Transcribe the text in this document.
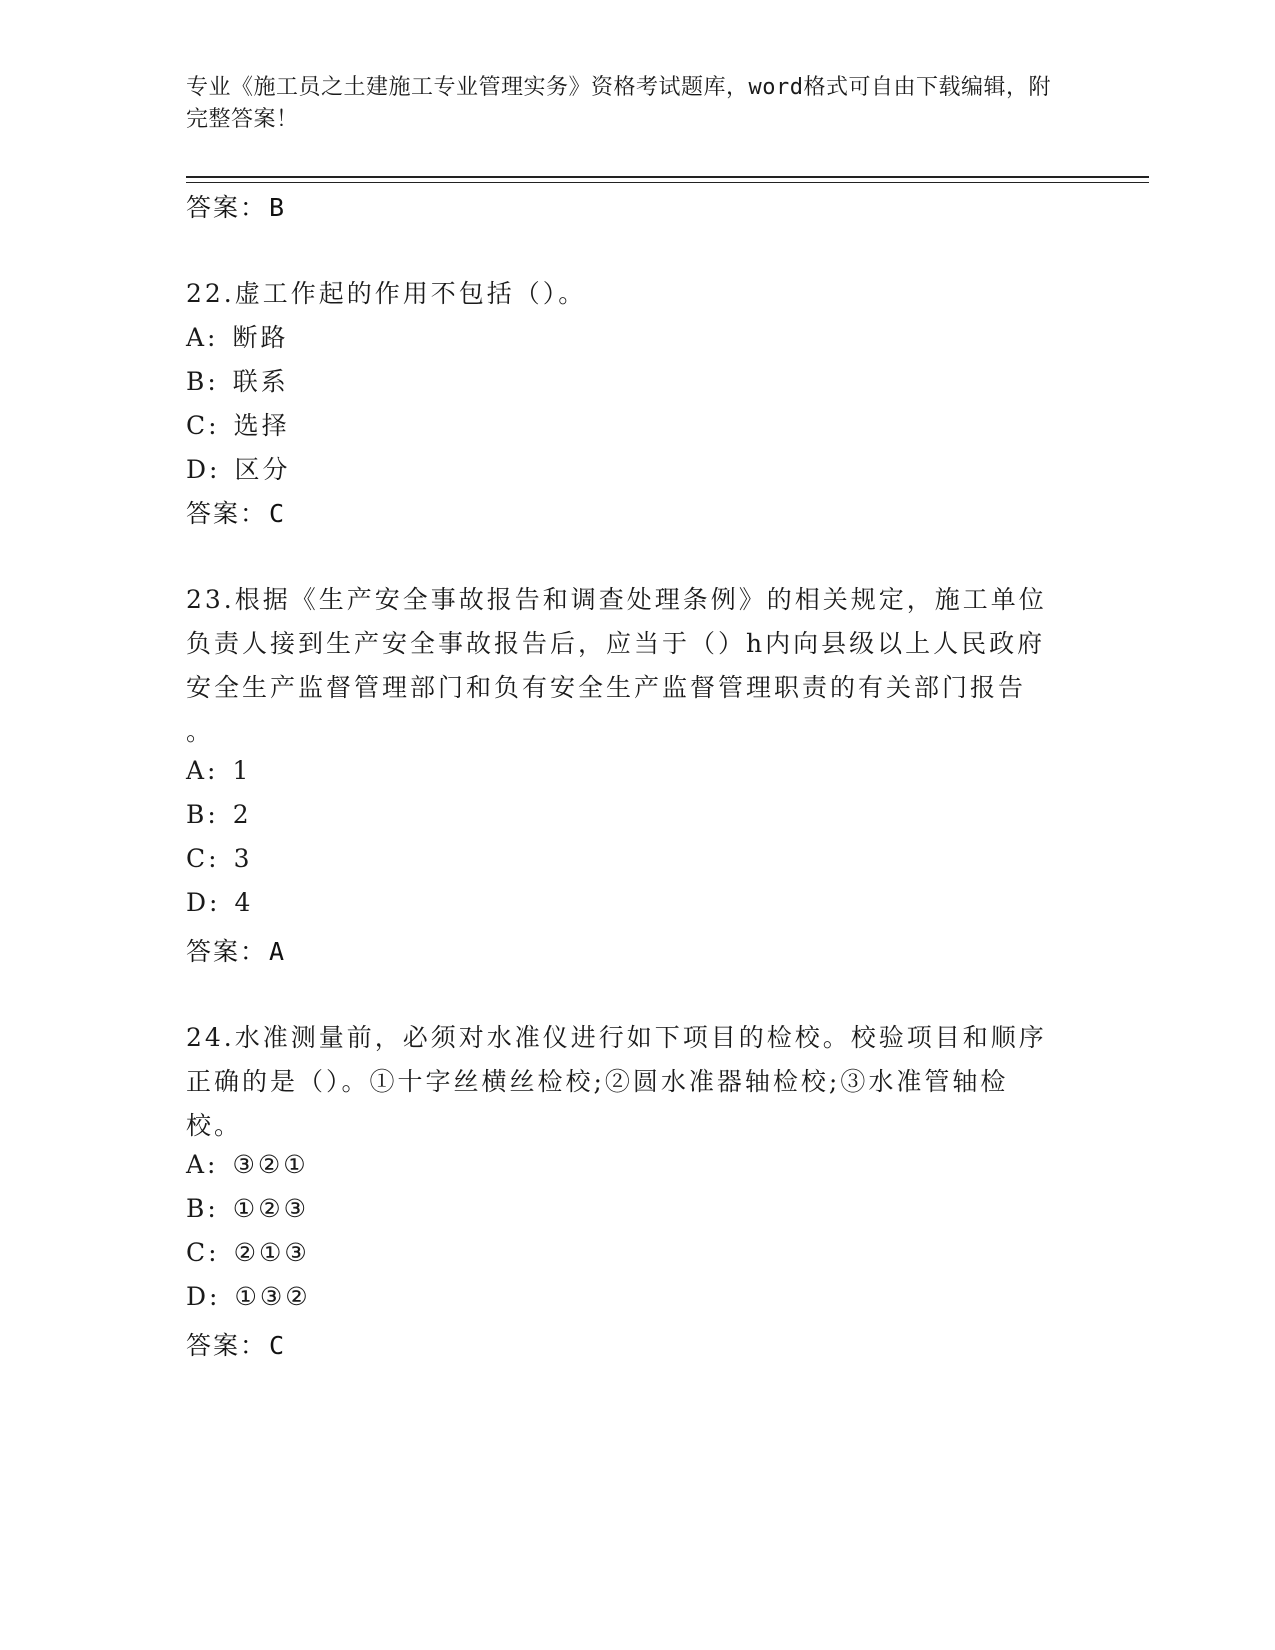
专业《施工员之土建施工专业管理实务》资格考试题库，word格式可自由下载编辑，附完整答案！
答案：B
22.虚工作起的作用不包括（）。
A: 断路
B: 联系
C: 选择
D: 区分
答案：C
23.根据《生产安全事故报告和调查处理条例》的相关规定，施工单位
负责人接到生产安全事故报告后，应当于（）h内向县级以上人民政府
安全生产监督管理部门和负有安全生产监督管理职责的有关部门报告
。
A: 1
B: 2
C: 3
D: 4
答案：A
24.水准测量前，必须对水准仪进行如下项目的检校。校验项目和顺序
正确的是（）。①十字丝横丝检校;②圆水准器轴检校;③水准管轴检
校。
A: ③②①
B: ①②③
C: ②①③
D: ①③②
答案：C
